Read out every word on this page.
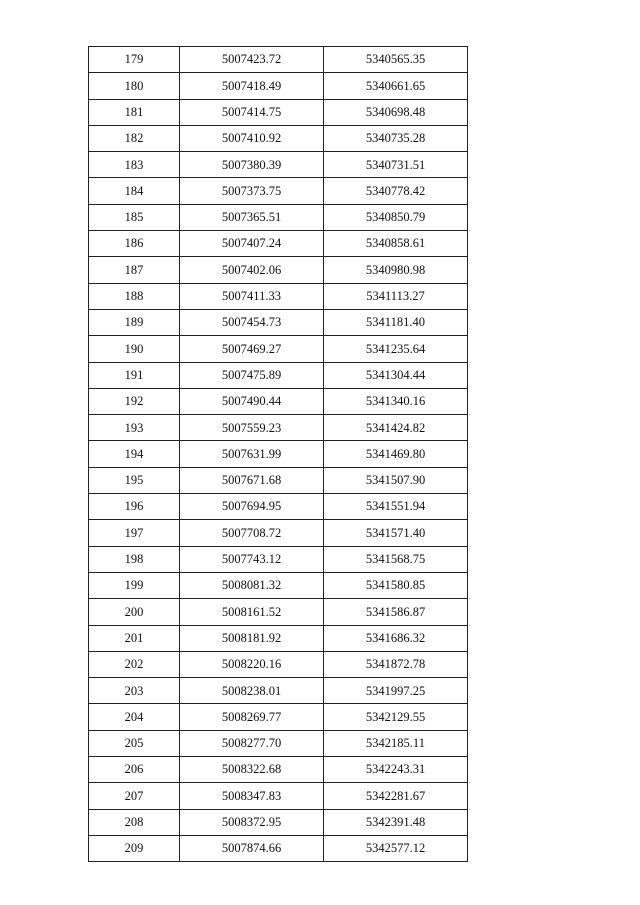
179	5007423.72	5340565.35
180	5007418.49	5340661.65
181	5007414.75	5340698.48
182	5007410.92	5340735.28
183	5007380.39	5340731.51
184	5007373.75	5340778.42
185	5007365.51	5340850.79
186	5007407.24	5340858.61
187	5007402.06	5340980.98
188	5007411.33	5341113.27
189	5007454.73	5341181.40
190	5007469.27	5341235.64
191	5007475.89	5341304.44
192	5007490.44	5341340.16
193	5007559.23	5341424.82
194	5007631.99	5341469.80
195	5007671.68	5341507.90
196	5007694.95	5341551.94
197	5007708.72	5341571.40
198	5007743.12	5341568.75
199	5008081.32	5341580.85
200	5008161.52	5341586.87
201	5008181.92	5341686.32
202	5008220.16	5341872.78
203	5008238.01	5341997.25
204	5008269.77	5342129.55
205	5008277.70	5342185.11
206	5008322.68	5342243.31
207	5008347.83	5342281.67
208	5008372.95	5342391.48
209	5007874.66	5342577.12
